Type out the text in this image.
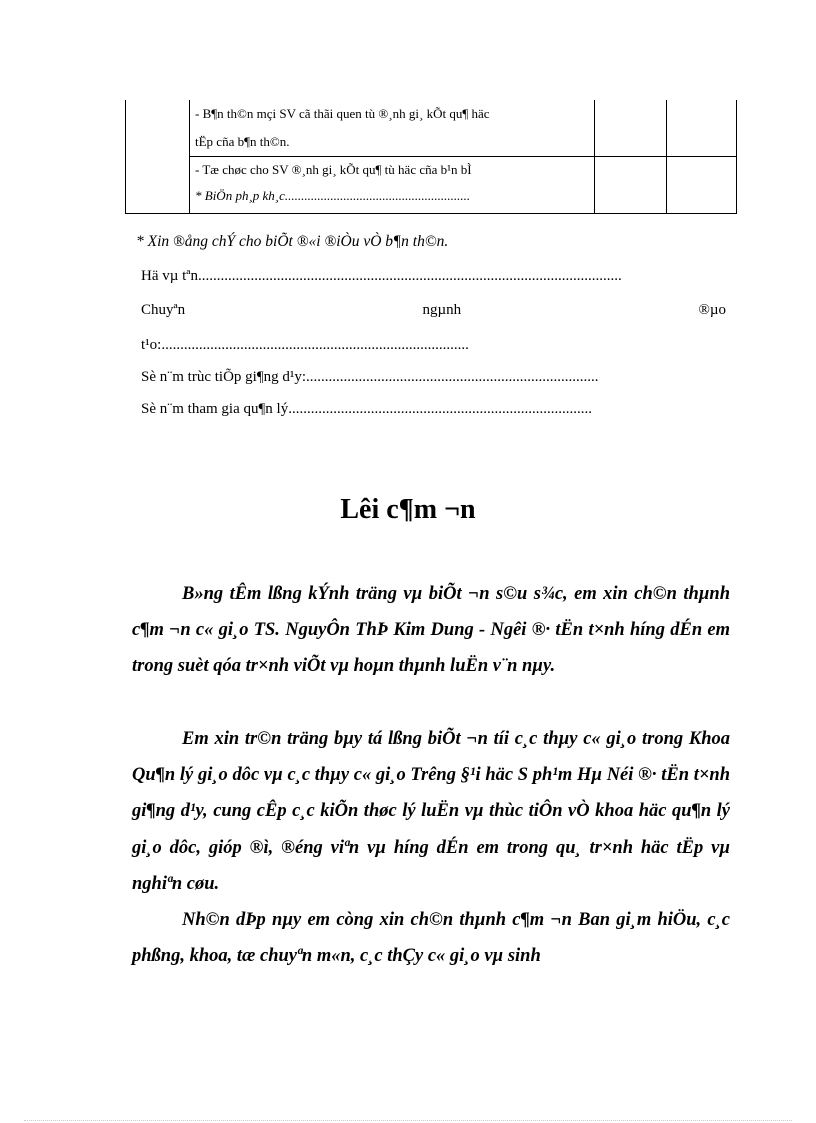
- B¶n th©n mçi SV cã thãi quen tù ®¸nh gi¸ kÕt qu¶ häc
tËp cña b¶n th©n.
- Tæ chøc cho SV ®¸nh gi¸ kÕt qu¶ tù häc cña b¹n bÌ
* BiÖn ph¸p kh¸c.........................................................
* Xin ®ång chÝ cho biÕt ®«i ®iÒu vÒ b¶n th©n.
Hä vµ tªn.................................................................................................................
Chuyªn	ngµnh	®µo
t¹o:..................................................................................
Sè n¨m trùc tiÕp gi¶ng d¹y:..............................................................................
Sè n¨m tham gia qu¶n lý.................................................................................
Lêi c¶m ¬n
B»ng tÊm lßng kÝnh träng vµ biÕt ¬n s©u s¾c, em xin ch©n thµnh c¶m ¬n c« gi¸o TS. NguyÔn ThÞ Kim Dung - Ngêi ®· tËn t×nh híng dÉn em trong suèt qóa tr×nh viÕt vµ hoµn thµnh luËn v¨n nµy.
Em xin tr©n träng bµy tá lßng biÕt ¬n tíi c¸c thµy c« gi¸o trong Khoa Qu¶n lý gi¸o dôc vµ c¸c thµy c« gi¸o Trêng §¹i häc S ph¹m Hµ Néi ®· tËn t×nh gi¶ng d¹y, cung cÊp c¸c kiÕn thøc lý luËn vµ thùc tiÔn vÒ khoa häc qu¶n lý gi¸o dôc, gióp ®ì, ®éng viªn vµ híng dÉn em trong qu¸ tr×nh häc tËp vµ nghiªn cøu.
Nh©n dÞp nµy em còng xin ch©n thµnh c¶m ¬n Ban gi¸m hiÖu, c¸c phßng, khoa, tæ chuyªn m«n, c¸c thÇy c« gi¸o vµ sinh
